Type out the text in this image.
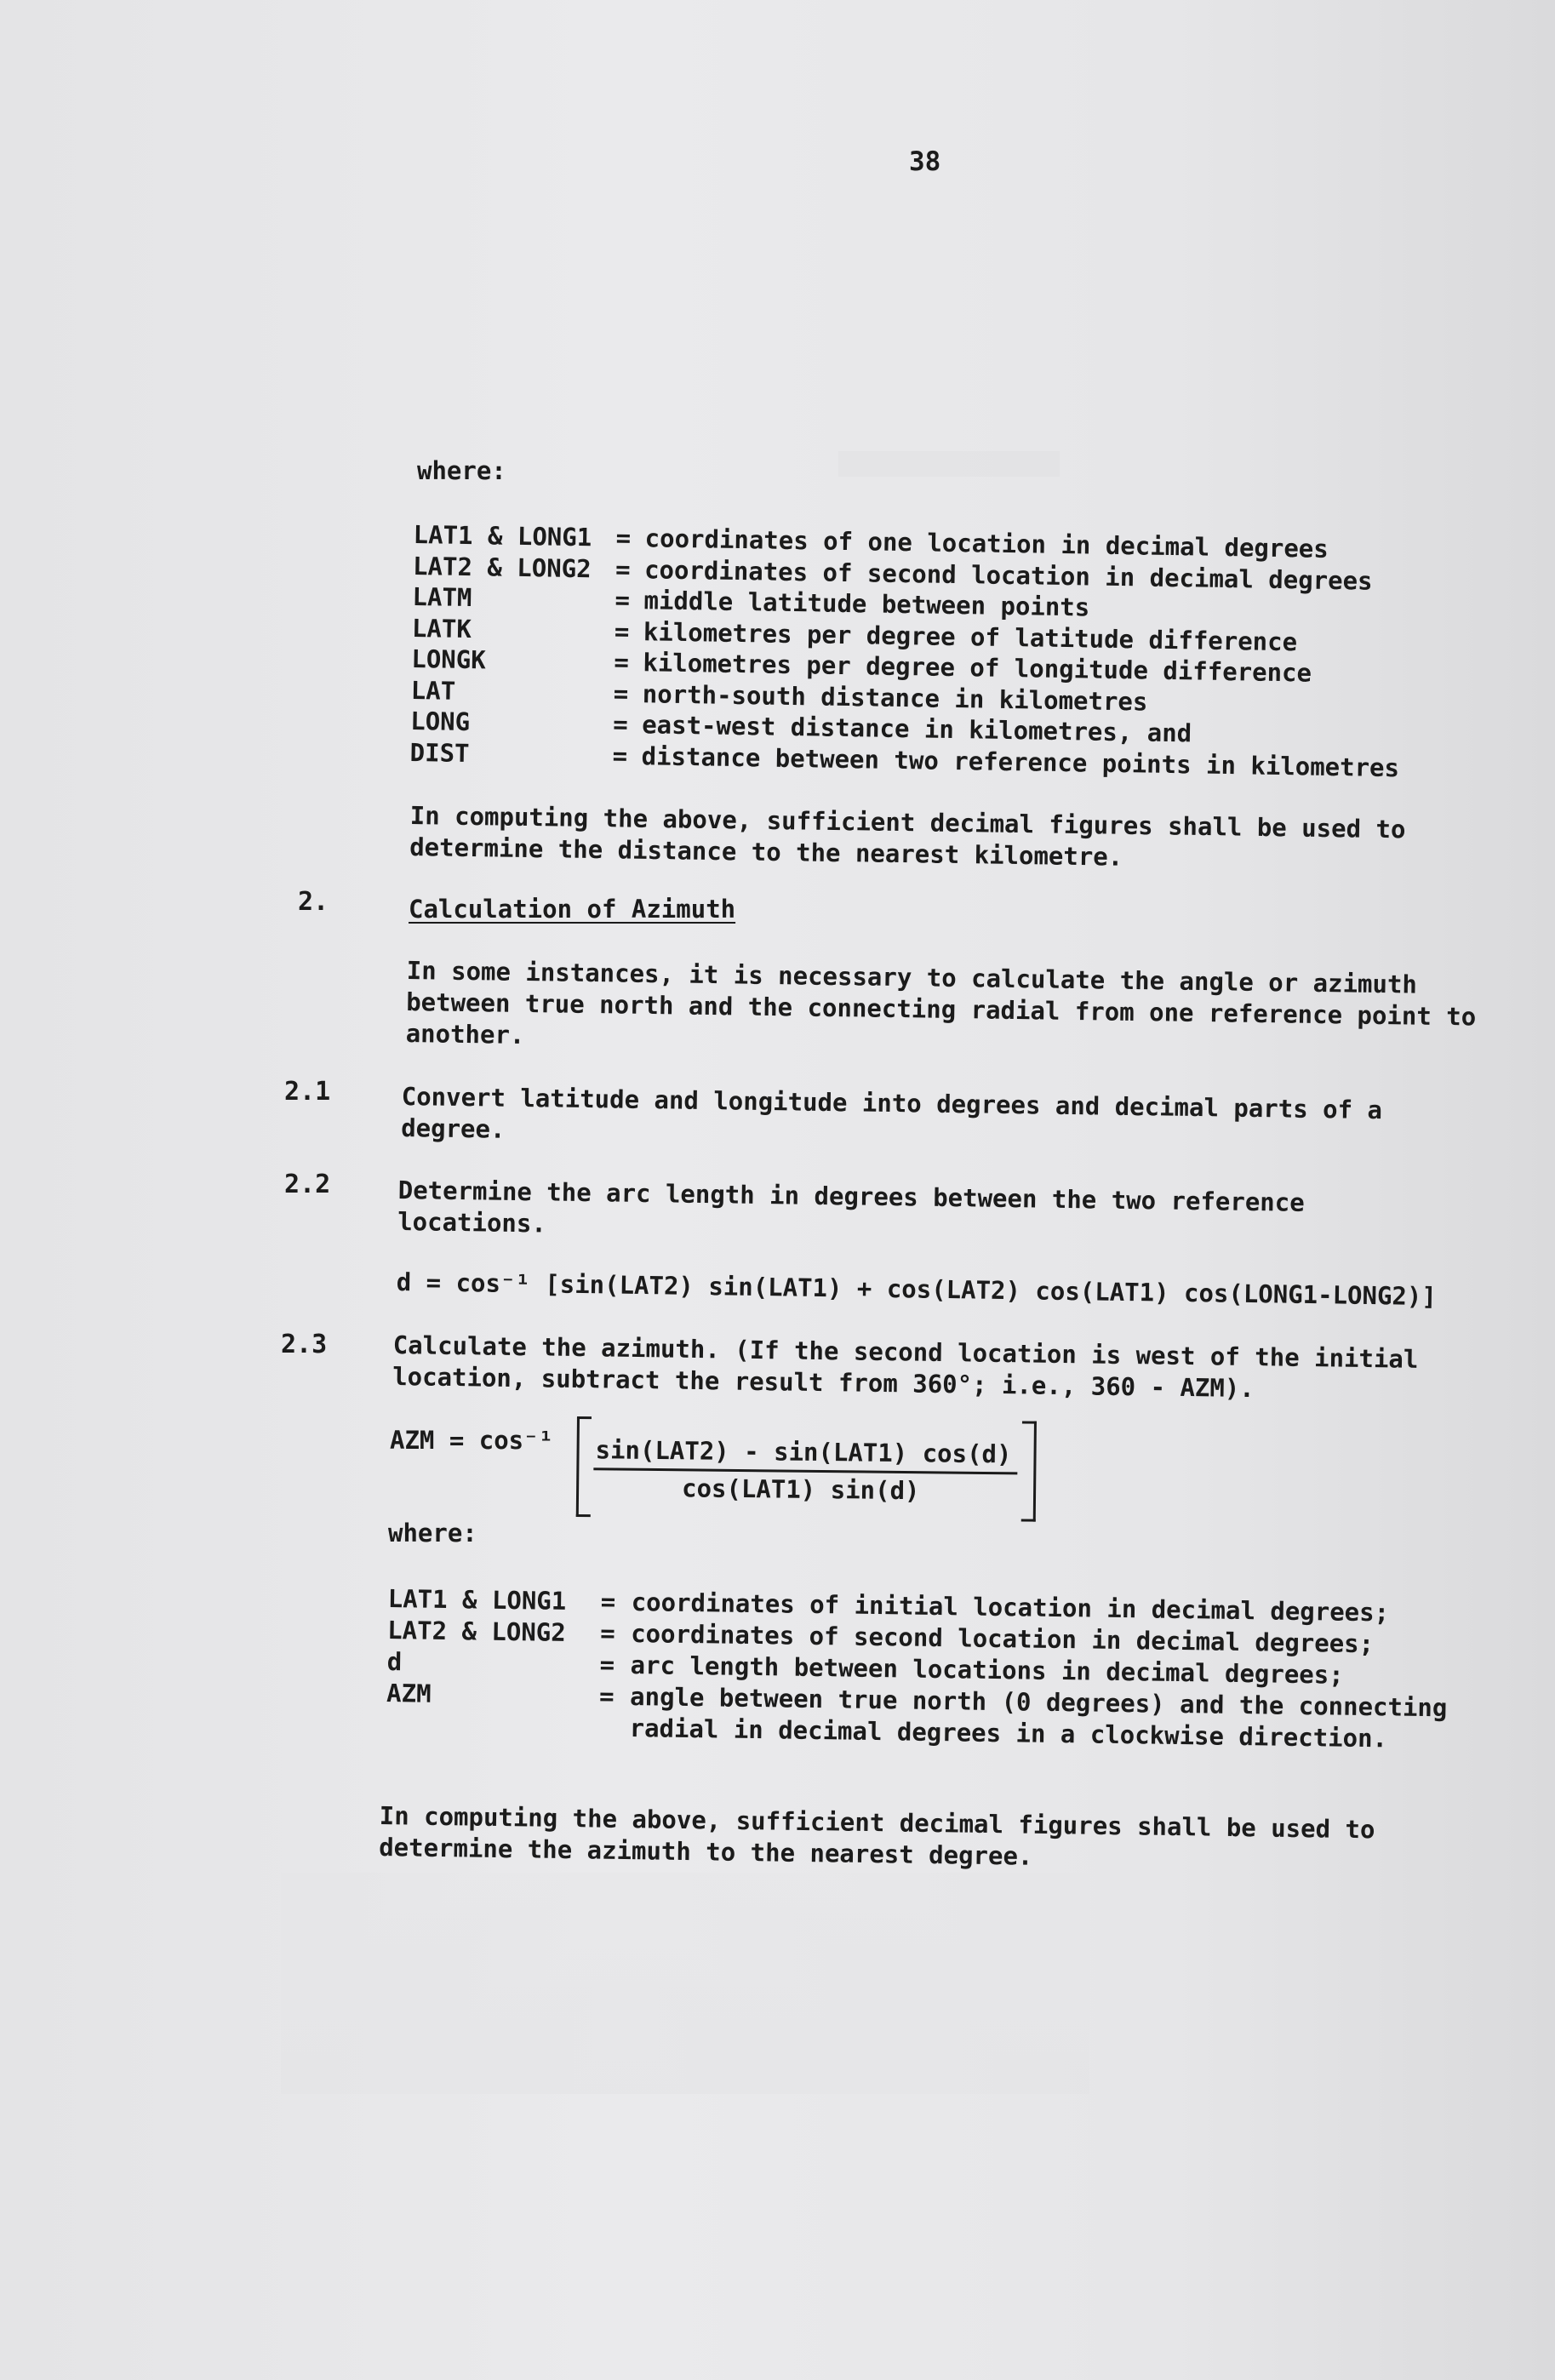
38
where:
LAT1 & LONG1 = coordinates of one location in decimal degrees
LAT2 & LONG2 = coordinates of second location in decimal degrees
LATM	= middle latitude between points
LATK	= kilometres per degree of latitude difference
LONGK	= kilometres per degree of longitude difference
LAT	= north-south distance in kilometres
LONG	= east-west distance in kilometres, and
DIST	= distance between two reference points in kilometres
In computing the above, sufficient decimal figures shall be used to determine the distance to the nearest kilometre.
2.	Calculation of Azimuth
In some instances, it is necessary to calculate the angle or azimuth between true north and the connecting radial from one reference point to another.
2.1	Convert latitude and longitude into degrees and decimal parts of a degree.
2.2	Determine the arc length in degrees between the two reference locations.
d = cos⁻¹ [sin(LAT2) sin(LAT1) + cos(LAT2) cos(LAT1) cos(LONG1-LONG2)]
2.3	Calculate the azimuth. (If the second location is west of the initial location, subtract the result from 360°; i.e., 360 - AZM).
AZM = cos⁻¹ sin(LAT2) - sin(LAT1) cos(d)
cos(LAT1) sin(d)
where:
LAT1 & LONG1	= coordinates of initial location in decimal degrees;
LAT2 & LONG2	= coordinates of second location in decimal degrees;
d	= arc length between locations in decimal degrees;
AZM	= angle between true north (0 degrees) and the connecting radial in decimal degrees in a clockwise direction.
In computing the above, sufficient decimal figures shall be used to determine the azimuth to the nearest degree.
